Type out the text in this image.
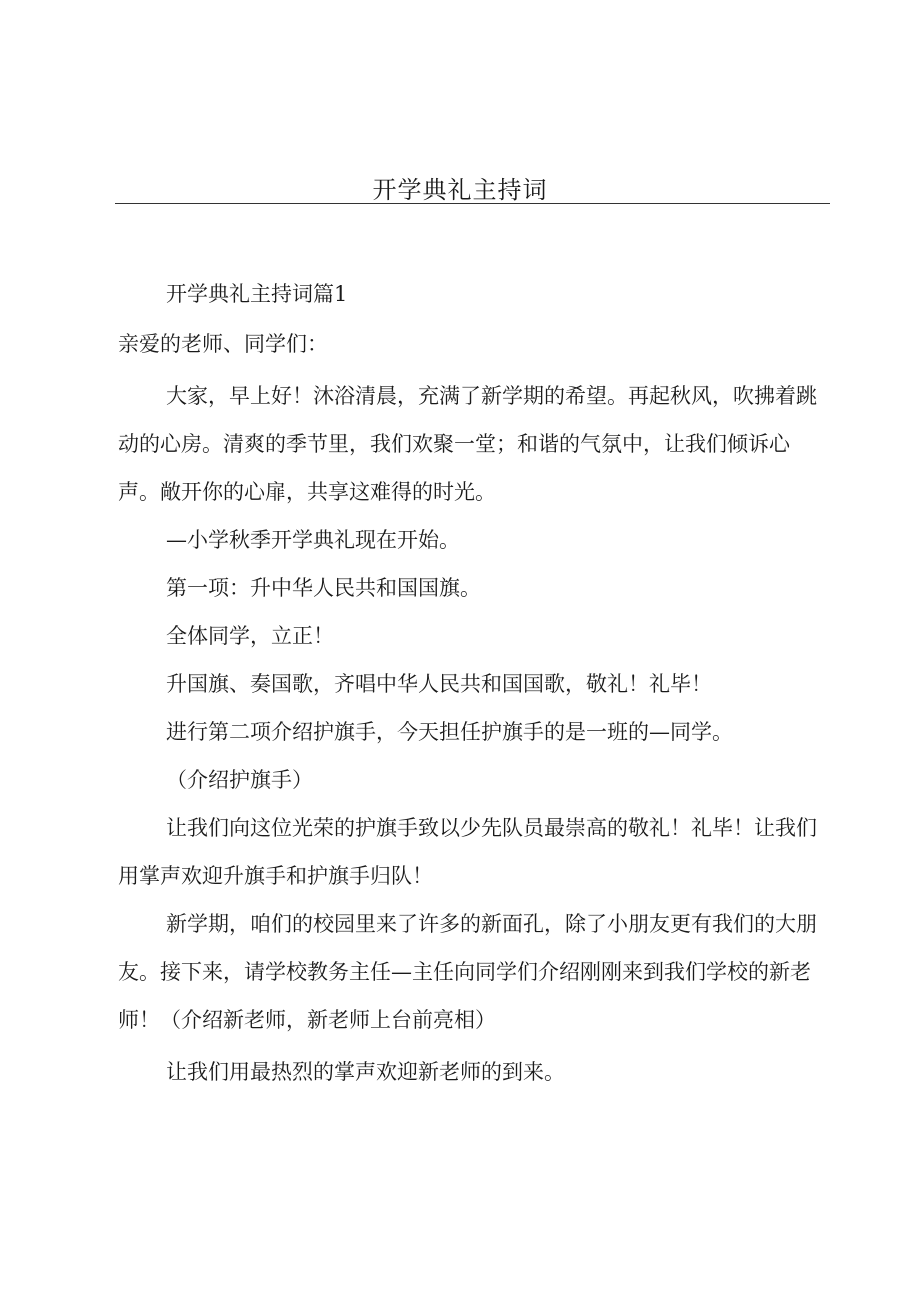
开学典礼主持词

开学典礼主持词篇1

亲爱的老师、同学们：

大家，早上好！沐浴清晨，充满了新学期的希望。再起秋风，吹拂着跳动的心房。清爽的季节里，我们欢聚一堂；和谐的气氛中，让我们倾诉心声。敞开你的心扉，共享这难得的时光。

—小学秋季开学典礼现在开始。

第一项：升中华人民共和国国旗。

全体同学，立正！

升国旗、奏国歌，齐唱中华人民共和国国歌，敬礼！礼毕！

进行第二项介绍护旗手，今天担任护旗手的是一班的—同学。

（介绍护旗手）

让我们向这位光荣的护旗手致以少先队员最崇高的敬礼！礼毕！让我们用掌声欢迎升旗手和护旗手归队！

新学期，咱们的校园里来了许多的新面孔，除了小朋友更有我们的大朋友。接下来，请学校教务主任—主任向同学们介绍刚刚来到我们学校的新老师！（介绍新老师，新老师上台前亮相）

让我们用最热烈的掌声欢迎新老师的到来。
